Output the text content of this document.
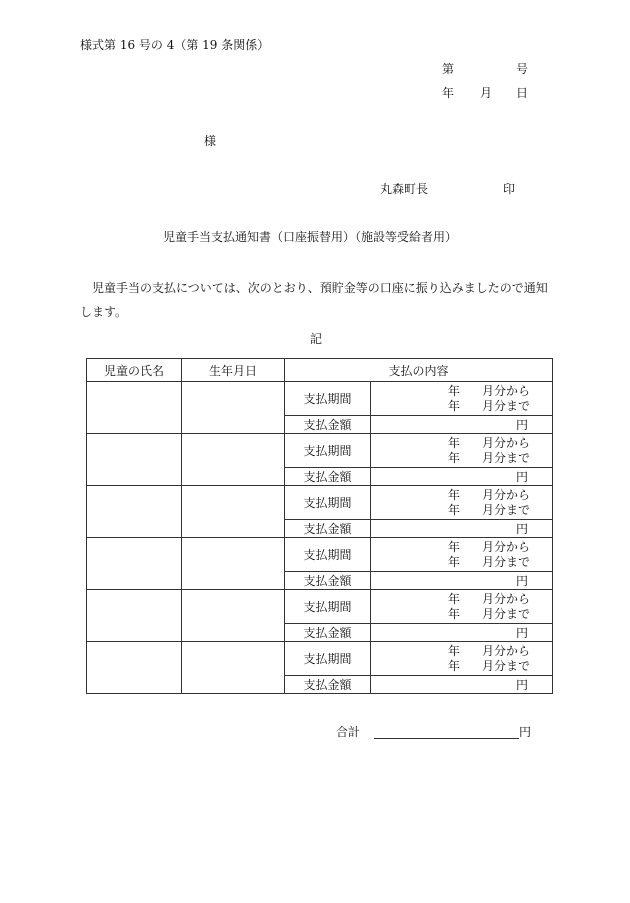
様式第 16 号の 4（第 19 条関係）
第	号
年 月 日
様
丸森町長	印
児童手当支払通知書（口座振替用）（施設等受給者用）
児童手当の支払については、次のとおり、預貯金等の口座に振り込みましたので通知
します。
記
児童の氏名	生年月日	支払の内容	
		支払期間	年 月分から
年 月分まで

		支払金額	円
		支払期間	年 月分から
年 月分まで

		支払金額	円
		支払期間	年 月分から
年 月分まで

		支払金額	円
		支払期間	年 月分から
年 月分まで

		支払金額	円
		支払期間	年 月分から
年 月分まで

		支払金額	円
		支払期間	年 月分から
年 月分まで

		支払金額	円
合計	円
